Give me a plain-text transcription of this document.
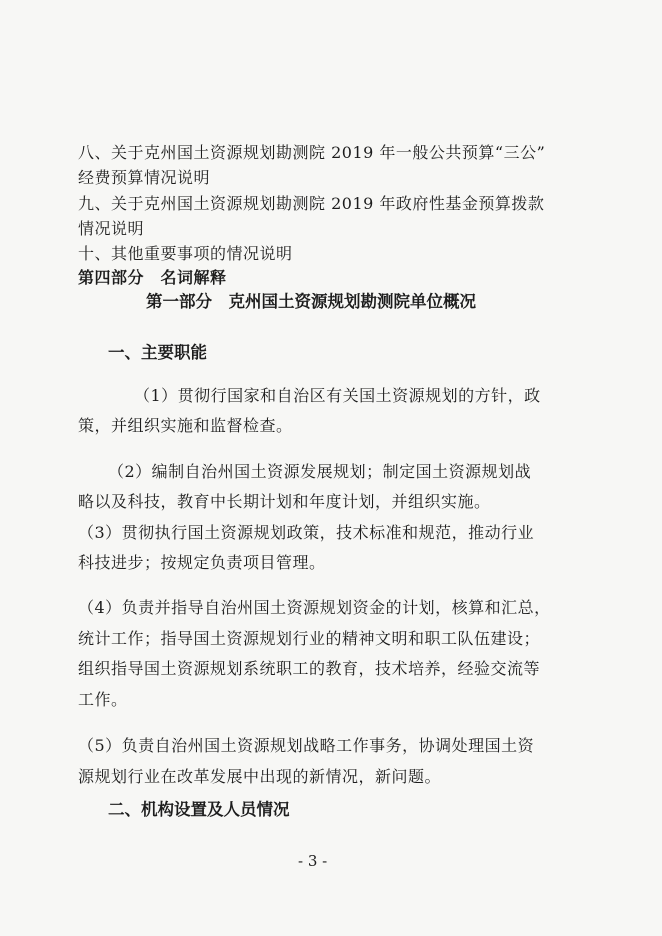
八、关于克州国土资源规划勘测院 2019 年一般公共预算“三公”
经费预算情况说明
九、关于克州国土资源规划勘测院 2019 年政府性基金预算拨款
情况说明
十、其他重要事项的情况说明
第四部分　名词解释
第一部分　克州国土资源规划勘测院单位概况
一、主要职能
（1）贯彻行国家和自治区有关国土资源规划的方针，政
策，并组织实施和监督检查。
（2）编制自治州国土资源发展规划；制定国土资源规划战
略以及科技，教育中长期计划和年度计划，并组织实施。
（3）贯彻执行国土资源规划政策，技术标准和规范，推动行业
科技进步；按规定负责项目管理。
（4）负责并指导自治州国土资源规划资金的计划，核算和汇总，
统计工作；指导国土资源规划行业的精神文明和职工队伍建设；
组织指导国土资源规划系统职工的教育，技术培养，经验交流等
工作。
（5）负责自治州国土资源规划战略工作事务，协调处理国土资
源规划行业在改革发展中出现的新情况，新问题。
二、机构设置及人员情况
- 3 -
